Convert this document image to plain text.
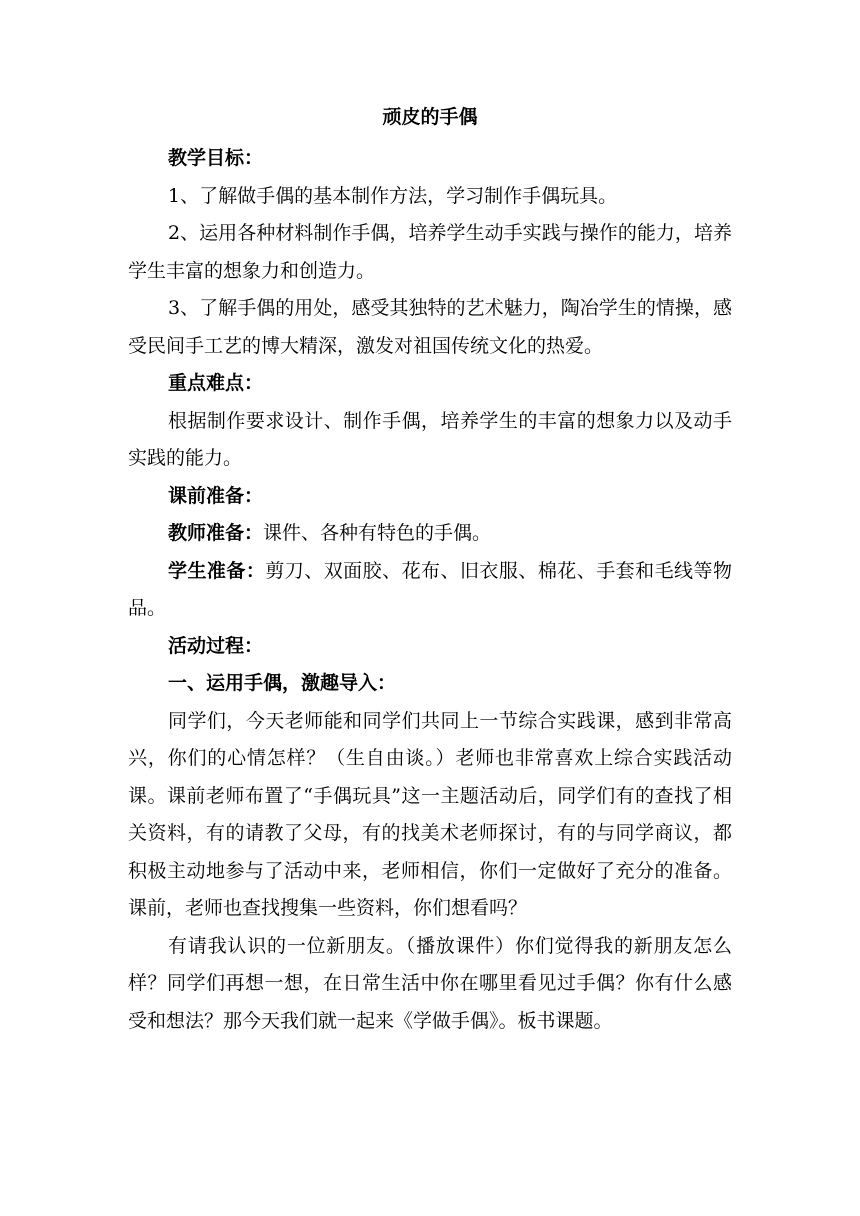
顽皮的手偶

教学目标：

1、了解做手偶的基本制作方法，学习制作手偶玩具。

2、运用各种材料制作手偶，培养学生动手实践与操作的能力，培养学生丰富的想象力和创造力。

3、了解手偶的用处，感受其独特的艺术魅力，陶冶学生的情操，感受民间手工艺的博大精深，激发对祖国传统文化的热爱。

重点难点：

根据制作要求设计、制作手偶，培养学生的丰富的想象力以及动手实践的能力。

课前准备：

教师准备：课件、各种有特色的手偶。

学生准备：剪刀、双面胶、花布、旧衣服、棉花、手套和毛线等物品。

活动过程：

一、运用手偶，激趣导入：

同学们，今天老师能和同学们共同上一节综合实践课，感到非常高兴，你们的心情怎样？（生自由谈。）老师也非常喜欢上综合实践活动课。课前老师布置了“手偶玩具”这一主题活动后，同学们有的查找了相关资料，有的请教了父母，有的找美术老师探讨，有的与同学商议，都积极主动地参与了活动中来，老师相信，你们一定做好了充分的准备。课前，老师也查找搜集一些资料，你们想看吗？

有请我认识的一位新朋友。（播放课件）你们觉得我的新朋友怎么样？同学们再想一想，在日常生活中你在哪里看见过手偶？你有什么感受和想法？那今天我们就一起来《学做手偶》。板书课题。
